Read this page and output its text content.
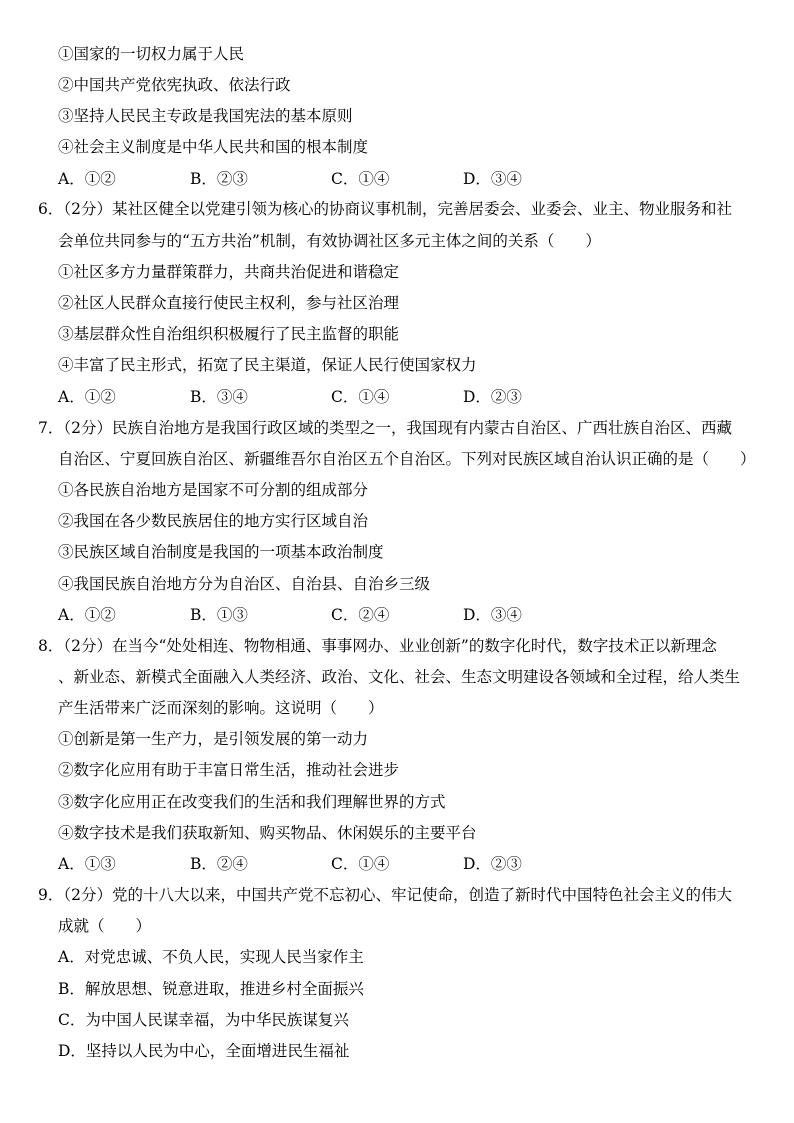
①国家的一切权力属于人民
②中国共产党依宪执政、依法行政
③坚持人民民主专政是我国宪法的基本原则
④社会主义制度是中华人民共和国的根本制度
A．①②	B．②③	C．①④	D．③④
6．（2分）某社区健全以党建引领为核心的协商议事机制，完善居委会、业委会、业主、物业服务和社
会单位共同参与的“五方共治”机制，有效协调社区多元主体之间的关系（　　）
①社区多方力量群策群力，共商共治促进和谐稳定
②社区人民群众直接行使民主权利，参与社区治理
③基层群众性自治组织积极履行了民主监督的职能
④丰富了民主形式，拓宽了民主渠道，保证人民行使国家权力
A．①②	B．③④	C．①④	D．②③
7．（2分）民族自治地方是我国行政区域的类型之一，我国现有内蒙古自治区、广西壮族自治区、西藏
自治区、宁夏回族自治区、新疆维吾尔自治区五个自治区。下列对民族区域自治认识正确的是（　　）
①各民族自治地方是国家不可分割的组成部分
②我国在各少数民族居住的地方实行区域自治
③民族区域自治制度是我国的一项基本政治制度
④我国民族自治地方分为自治区、自治县、自治乡三级
A．①②	B．①③	C．②④	D．③④
8．（2分）在当今“处处相连、物物相通、事事网办、业业创新”的数字化时代，数字技术正以新理念
、新业态、新模式全面融入人类经济、政治、文化、社会、生态文明建设各领域和全过程，给人类生
产生活带来广泛而深刻的影响。这说明（　　）
①创新是第一生产力，是引领发展的第一动力
②数字化应用有助于丰富日常生活，推动社会进步
③数字化应用正在改变我们的生活和我们理解世界的方式
④数字技术是我们获取新知、购买物品、休闲娱乐的主要平台
A．①③	B．②④	C．①④	D．②③
9．（2分）党的十八大以来，中国共产党不忘初心、牢记使命，创造了新时代中国特色社会主义的伟大
成就（　　）
A．对党忠诚、不负人民，实现人民当家作主
B．解放思想、锐意进取，推进乡村全面振兴
C．为中国人民谋幸福，为中华民族谋复兴
D．坚持以人民为中心，全面增进民生福祉
